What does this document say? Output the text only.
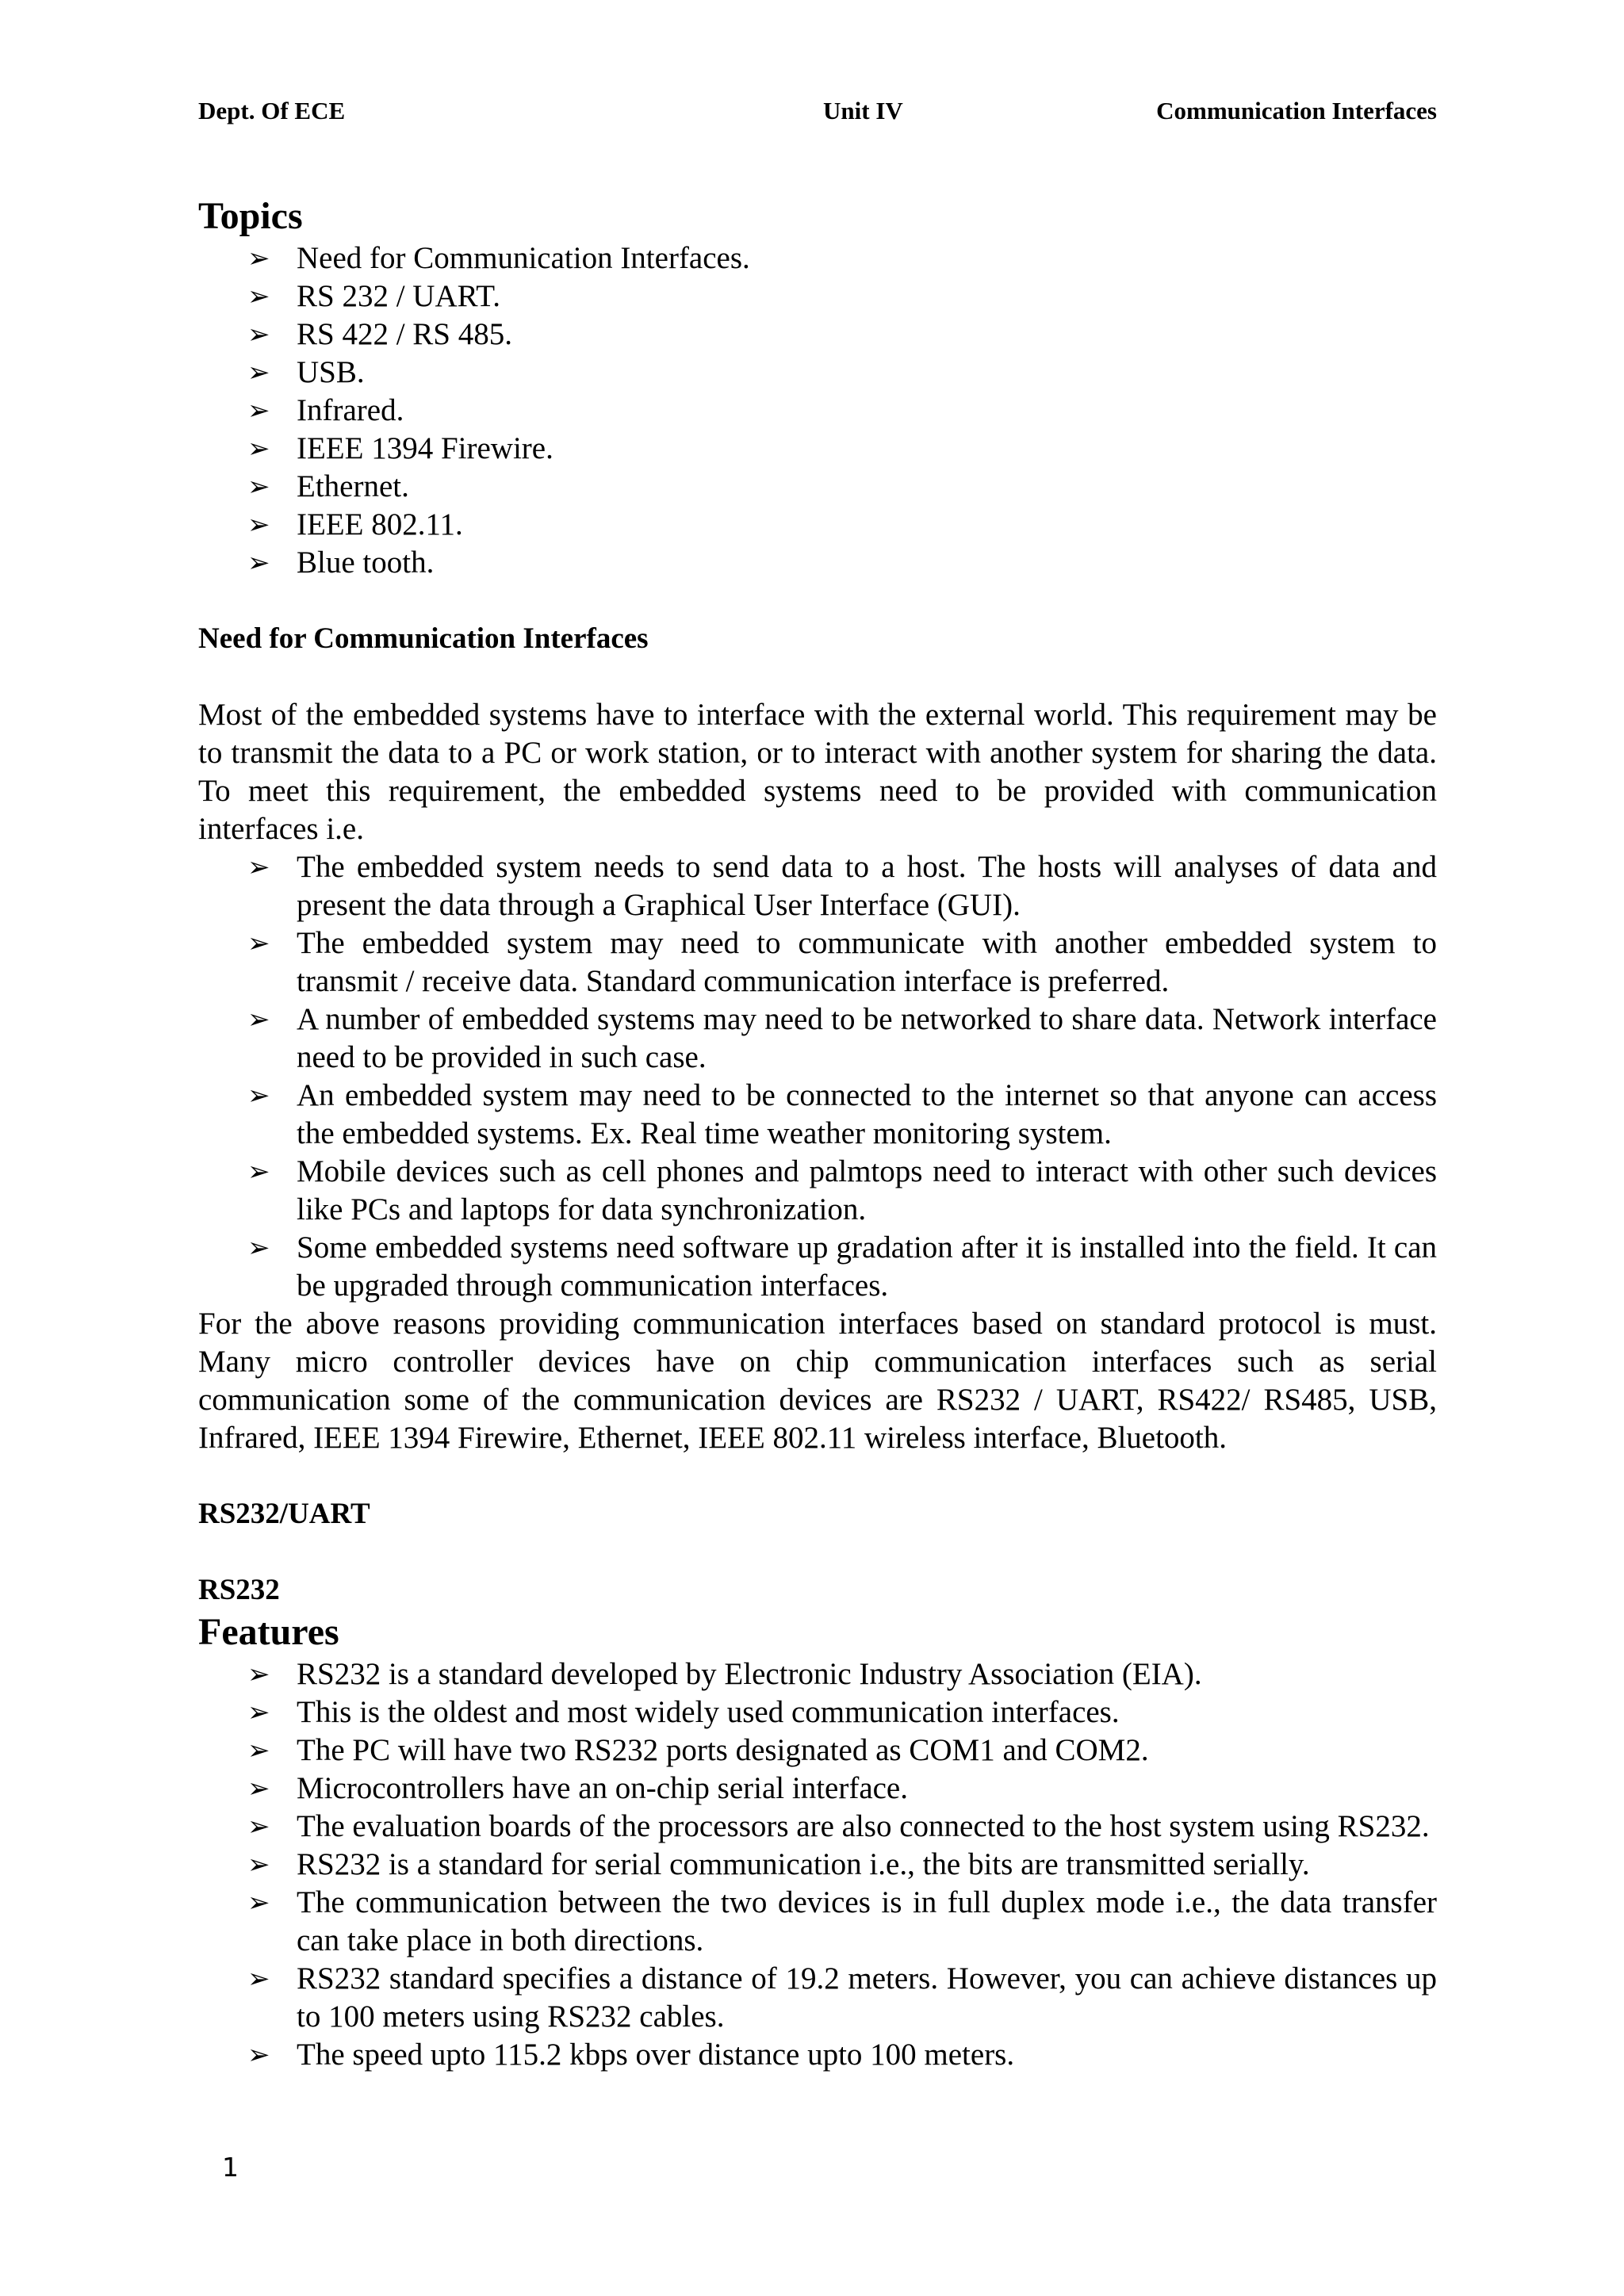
Dept. Of ECE	Unit IV	Communication Interfaces
Topics
➢ Need for Communication Interfaces.
➢ RS 232 / UART.
➢ RS 422 / RS 485.
➢ USB.
➢ Infrared.
➢ IEEE 1394 Firewire.
➢ Ethernet.
➢ IEEE 802.11.
➢ Blue tooth.
Need for Communication Interfaces

Most of the embedded systems have to interface with the external world. This requirement may be to transmit the data to a PC or work station, or to interact with another system for sharing the data. To meet this requirement, the embedded systems need to be provided with communication interfaces i.e.

➢ The embedded system needs to send data to a host. The hosts will analyses of data and present the data through a Graphical User Interface (GUI).
➢ The embedded system may need to communicate with another embedded system to transmit / receive data. Standard communication interface is preferred.
➢ A number of embedded systems may need to be networked to share data. Network interface need to be provided in such case.
➢ An embedded system may need to be connected to the internet so that anyone can access the embedded systems. Ex. Real time weather monitoring system.
➢ Mobile devices such as cell phones and palmtops need to interact with other such devices like PCs and laptops for data synchronization.
➢ Some embedded systems need software up gradation after it is installed into the field. It can be upgraded through communication interfaces.

For the above reasons providing communication interfaces based on standard protocol is must. Many micro controller devices have on chip communication interfaces such as serial communication some of the communication devices are RS232 / UART, RS422/ RS485, USB, Infrared, IEEE 1394 Firewire, Ethernet, IEEE 802.11 wireless interface, Bluetooth.

RS232/UART
RS232
Features
➢ RS232 is a standard developed by Electronic Industry Association (EIA).
➢ This is the oldest and most widely used communication interfaces.
➢ The PC will have two RS232 ports designated as COM1 and COM2.
➢ Microcontrollers have an on-chip serial interface.
➢ The evaluation boards of the processors are also connected to the host system using RS232.
➢ RS232 is a standard for serial communication i.e., the bits are transmitted serially.
➢ The communication between the two devices is in full duplex mode i.e., the data transfer can take place in both directions.
➢ RS232 standard specifies a distance of 19.2 meters. However, you can achieve distances up to 100 meters using RS232 cables.
➢ The speed upto 115.2 kbps over distance upto 100 meters.
1
